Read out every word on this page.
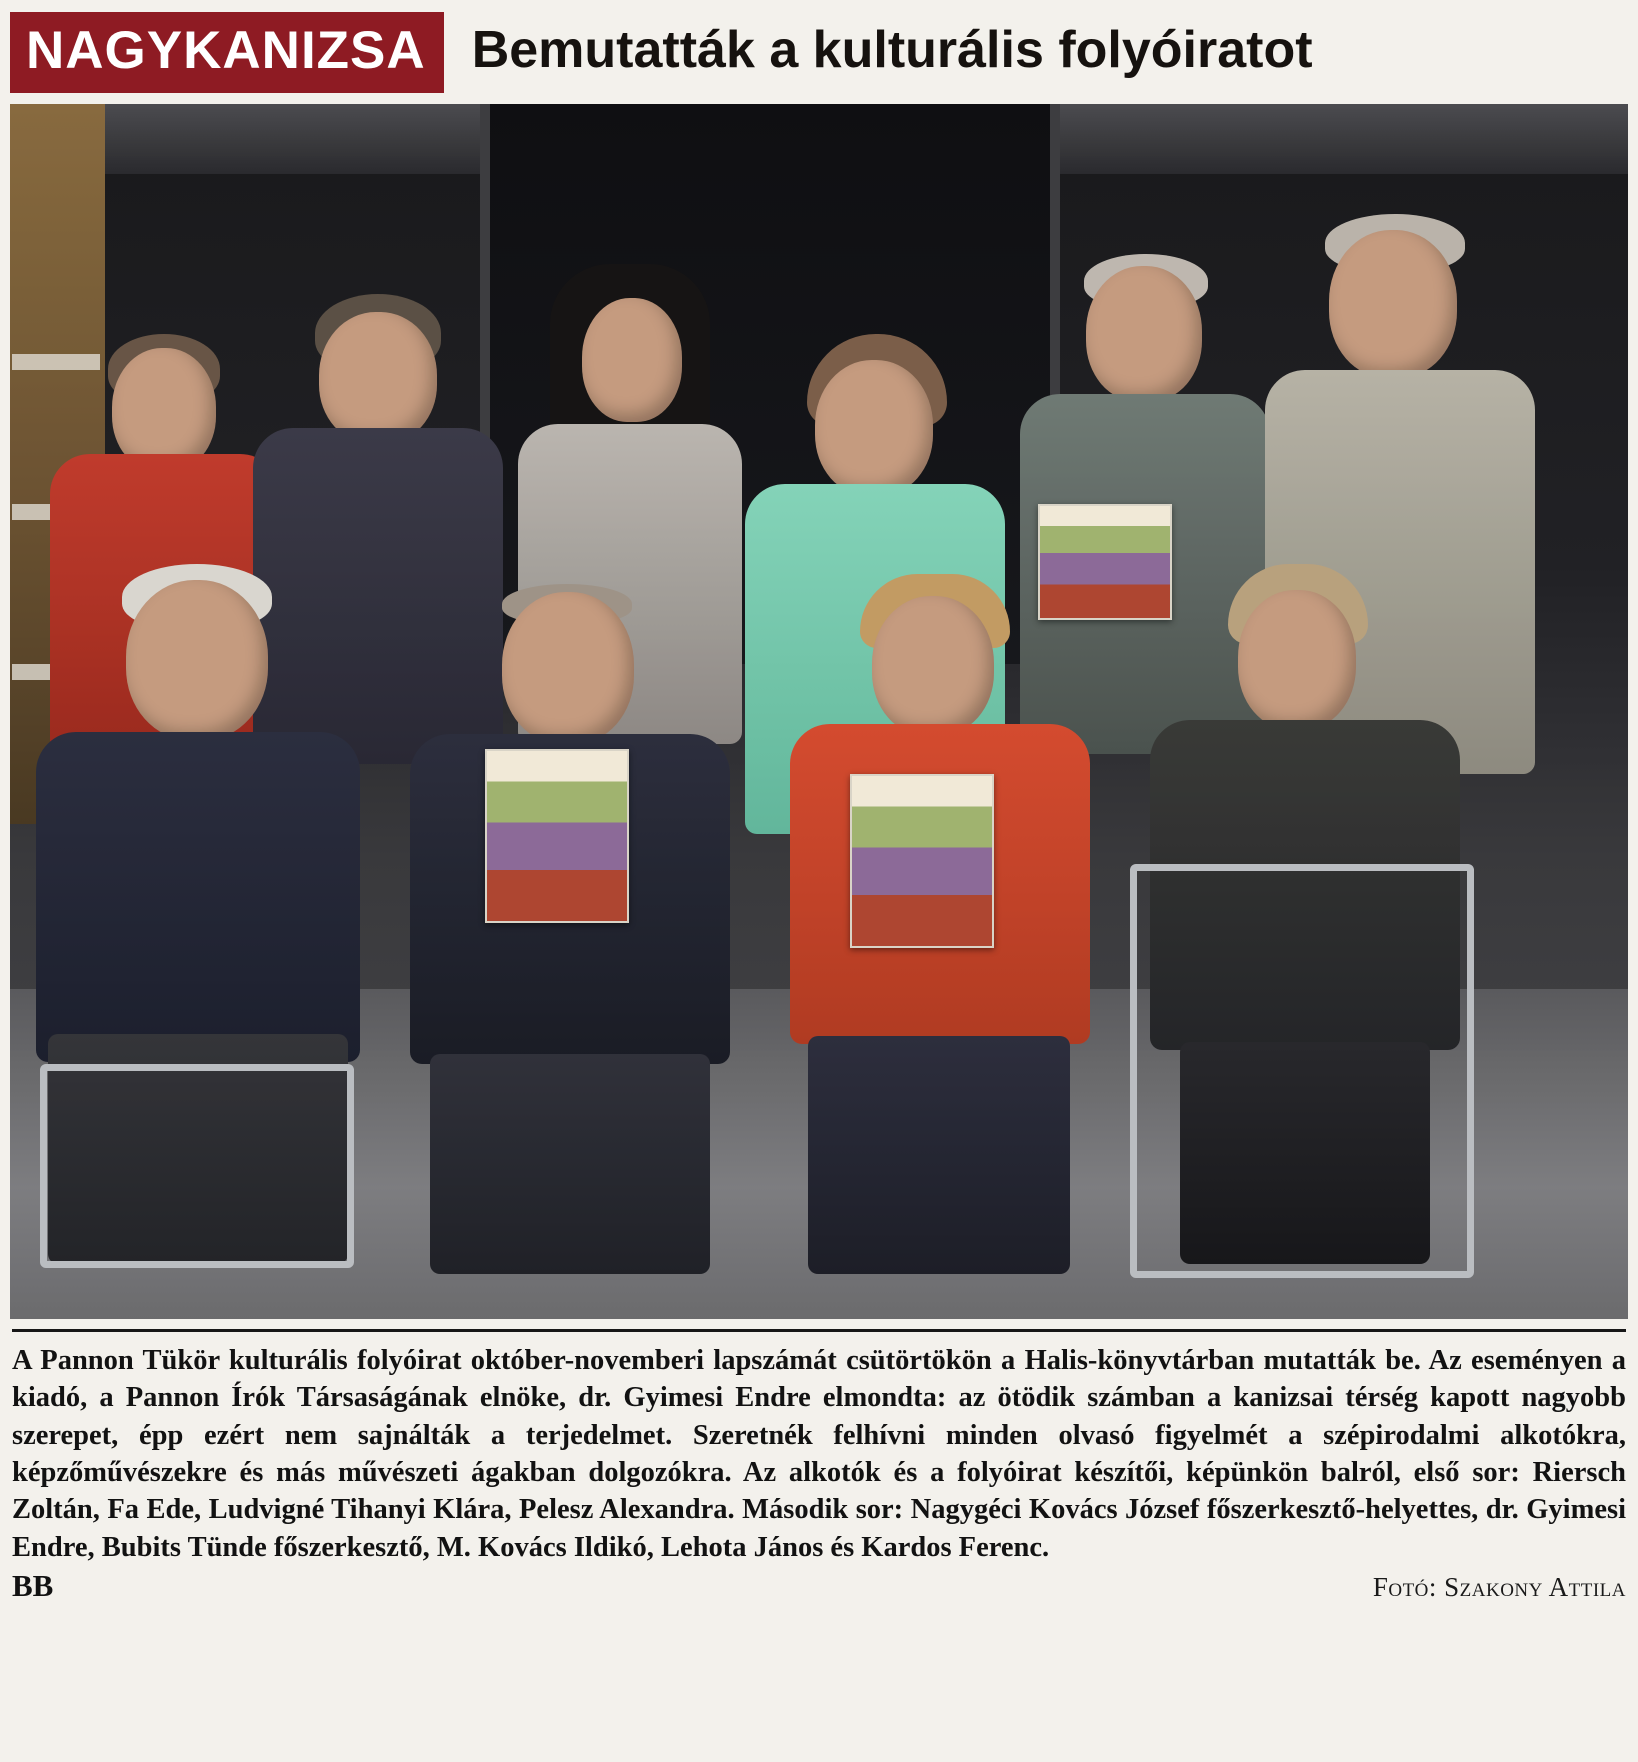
NAGYKANIZSA Bemutatták a kulturális folyóiratot
A Pannon Tükör kulturális folyóirat október-novemberi lapszámát csütörtökön a Halis-könyvtárban mutatták be. Az eseményen a kiadó, a Pannon Írók Társaságának elnöke, dr. Gyimesi Endre elmondta: az ötödik számban a kanizsai térség kapott nagyobb szerepet, épp ezért nem sajnálták a terjedelmet. Szeretnék felhívni minden olvasó figyelmét a szépirodalmi alkotókra, képzőművészekre és más művészeti ágakban dolgozókra. Az alkotók és a folyóirat készítői, képünkön balról, első sor: Riersch Zoltán, Fa Ede, Ludvigné Tihanyi Klára, Pelesz Alexandra. Második sor: Nagygéci Kovács József főszerkesztő-helyettes, dr. Gyimesi Endre, Bubits Tünde főszerkesztő, M. Kovács Ildikó, Lehota János és Kardos Ferenc.
BB	Fotó: Szakony Attila
